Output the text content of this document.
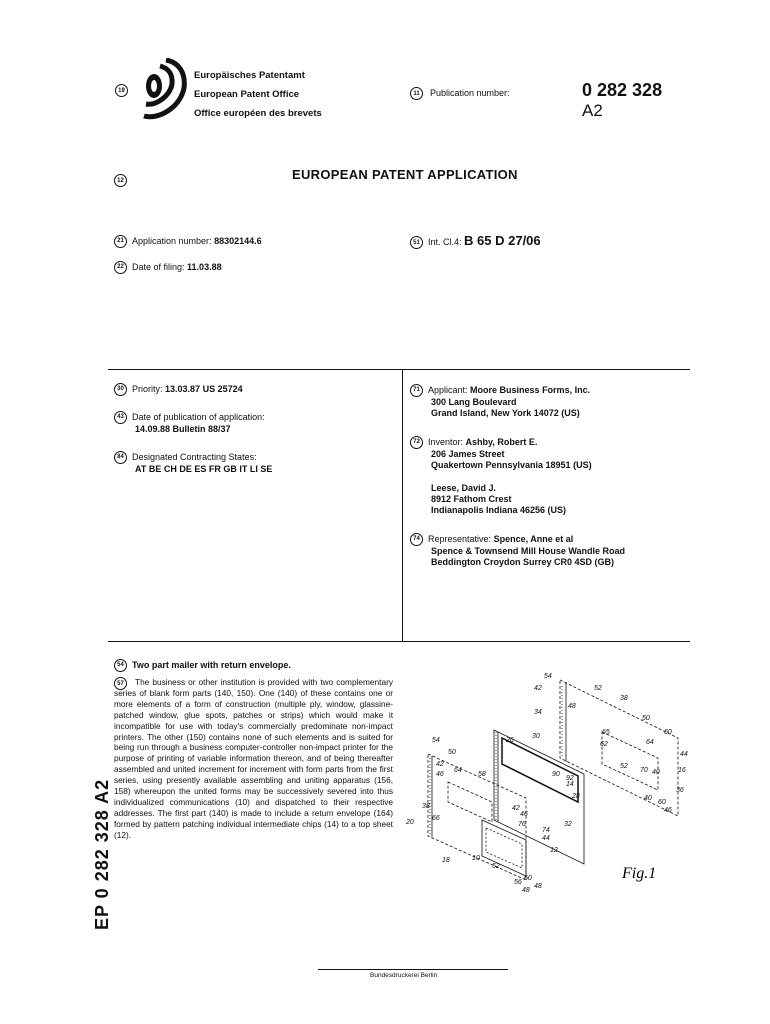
19
Europäisches Patentamt
European Patent Office
Office européen des brevets
11	Publication number:	0 282 328
A2
12	EUROPEAN PATENT APPLICATION
21 Application number: 88302144.6	51 Int. Cl.4: B 65 D 27/06
22 Date of filing: 11.03.88
30 Priority: 13.03.87 US 25724
43 Date of publication of application:
14.09.88 Bulletin 88/37
84 Designated Contracting States:
AT BE CH DE ES FR GB IT LI SE
71 Applicant: Moore Business Forms, Inc.
300 Lang Boulevard
Grand Island, New York 14072 (US)
72 Inventor: Ashby, Robert E.
206 James Street
Quakertown Pennsylvania 18951 (US)
Leese, David J.
8912 Fathom Crest
Indianapolis Indiana 46256 (US)
74 Representative: Spence, Anne et al
Spence & Townsend Mill House Wandle Road
Beddington Croydon Surrey CR0 4SD (GB)
54 Two part mailer with return envelope.
57	The business or other institution is provided with two complementary series of blank form parts (140, 150). One (140) of these contains one or more elements of a form of construction (multiple ply, window, glassine-patched window, glue spots, patches or strips) which would make it incompatible for use with today's commercially predominate non-impact printers. The other (150) contains none of such elements and is suited for being run through a business computer-controller non-impact printer for the purpose of printing of variable information thereon, and of being thereafter assembled and united increment for increment with form parts from the first series, using presently available assembling and uniting apparatus (156, 158) whereupon the united forms may be successively severed into thus individualized communications (10) and dispatched to their respective addresses. The first part (140) is made to include a return envelope (164) formed by pattern patching individual intermediate chips (14) to a top sheet (12).
Fig.1
54
42	52
48
34
38
50
60
30
26
65
54
50
64
44
16
42
46
64	40
62
36
58	90
92
52
70
14
28	40
60
46
38
66
76
74
42
46
32
44
12
20
18	10
52
60
48
56
48
EP 0 282 328 A2
Bundesdruckerei Berlin
